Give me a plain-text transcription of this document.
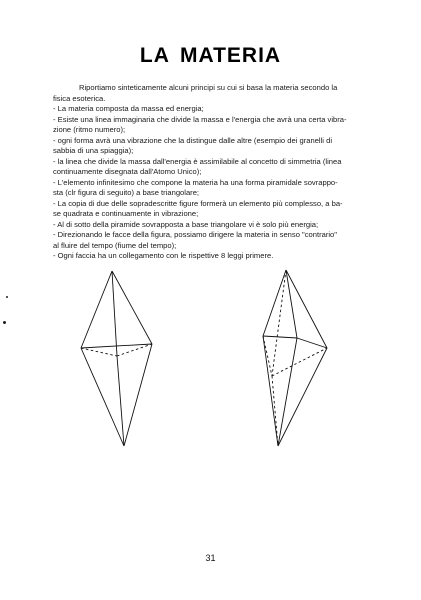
LA MATERIA
Riportiamo sinteticamente alcuni principi su cui si basa la materia secondo la
fisica esoterica.
- La materia composta da massa ed energia;
- Esiste una linea immaginaria che divide la massa e l'energia che avrà una certa vibra-
zione (ritmo numero);
- ogni forma avrà una vibrazione che la distingue dalle altre (esempio dei granelli di
sabbia di una spiaggia);
- la linea che divide la massa dall'energia è assimilabile al concetto di simmetria (linea
continuamente disegnata dall'Atomo Unico);
- L'elemento infinitesimo che compone la materia ha una forma piramidale sovrappo-
sta (clr figura di seguito) a base triangolare;
- La copia di due delle sopradescritte figure formerà un elemento più complesso, a ba-
se quadrata e continuamente in vibrazione;
- Al di sotto della piramide sovrapposta a base triangolare vi è solo più energia;
- Direzionando le facce della figura, possiamo dirigere la materia in senso "contrario"
al fluire del tempo (fiume del tempo);
- Ogni faccia ha un collegamento con le rispettive 8 leggi primere.
31
